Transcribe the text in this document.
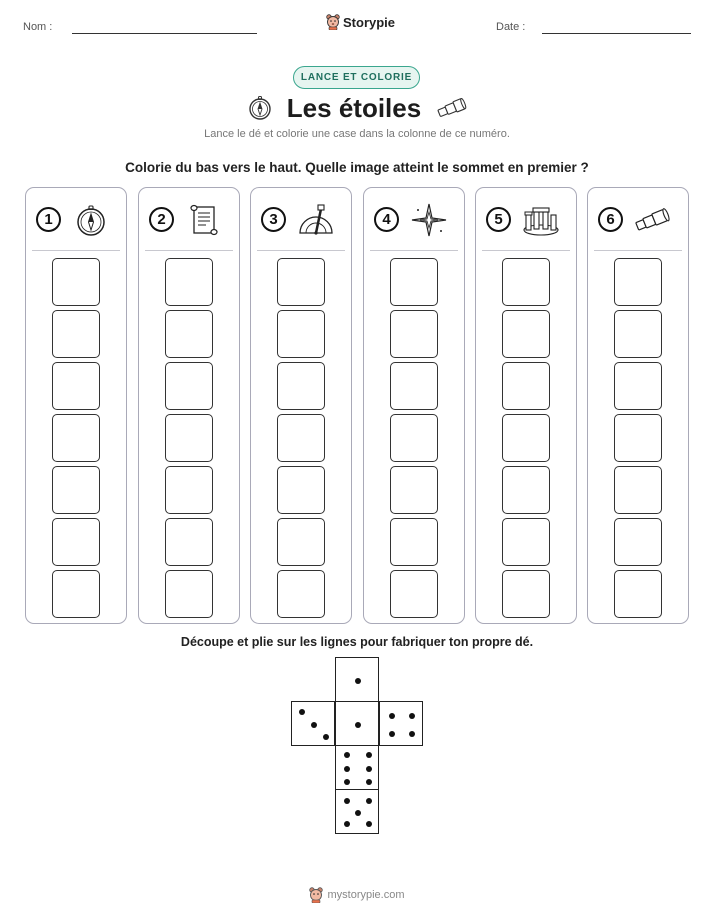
Nom :	Storypie	Date :
LANCE ET COLORIE
Les étoiles
Lance le dé et colorie une case dans la colonne de ce numéro.
Colorie du bas vers le haut. Quelle image atteint le sommet en premier ?
1	2	3	4	5	6
Découpe et plie sur les lignes pour fabriquer ton propre dé.
mystorypie.com
